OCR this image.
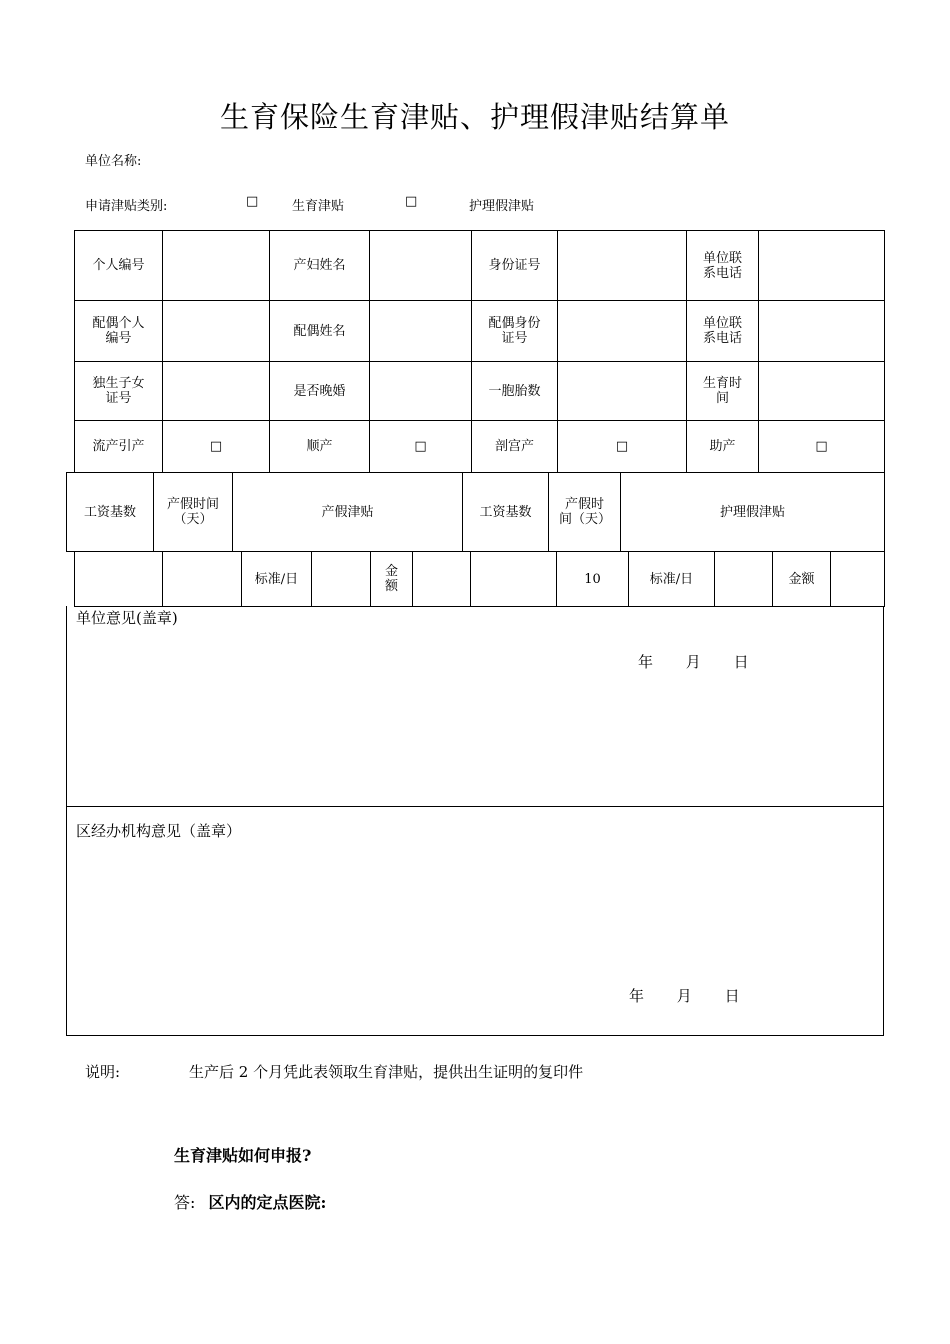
生育保险生育津贴、护理假津贴结算单
单位名称:
申请津贴类别:	□	生育津贴	□	护理假津贴
个人编号		产妇姓名		身份证号		单位联系电话	
配偶个人编号		配偶姓名		配偶身份证号		单位联系电话	
独生子女证号		是否晚婚		一胞胎数		生育时间	
流产引产	□	顺产	□	剖宫产	□	助产	□
工资基数	产假时间（天）	产假津贴	工资基数	产假时间（天）	护理假津贴
		标准/日		金额			10	标准/日		金额	
单位意见(盖章)
年 月 日
区经办机构意见（盖章）
年 月 日
说明:	生产后 2 个月凭此表领取生育津贴，提供出生证明的复印件
生育津贴如何申报?
答: 区内的定点医院:
